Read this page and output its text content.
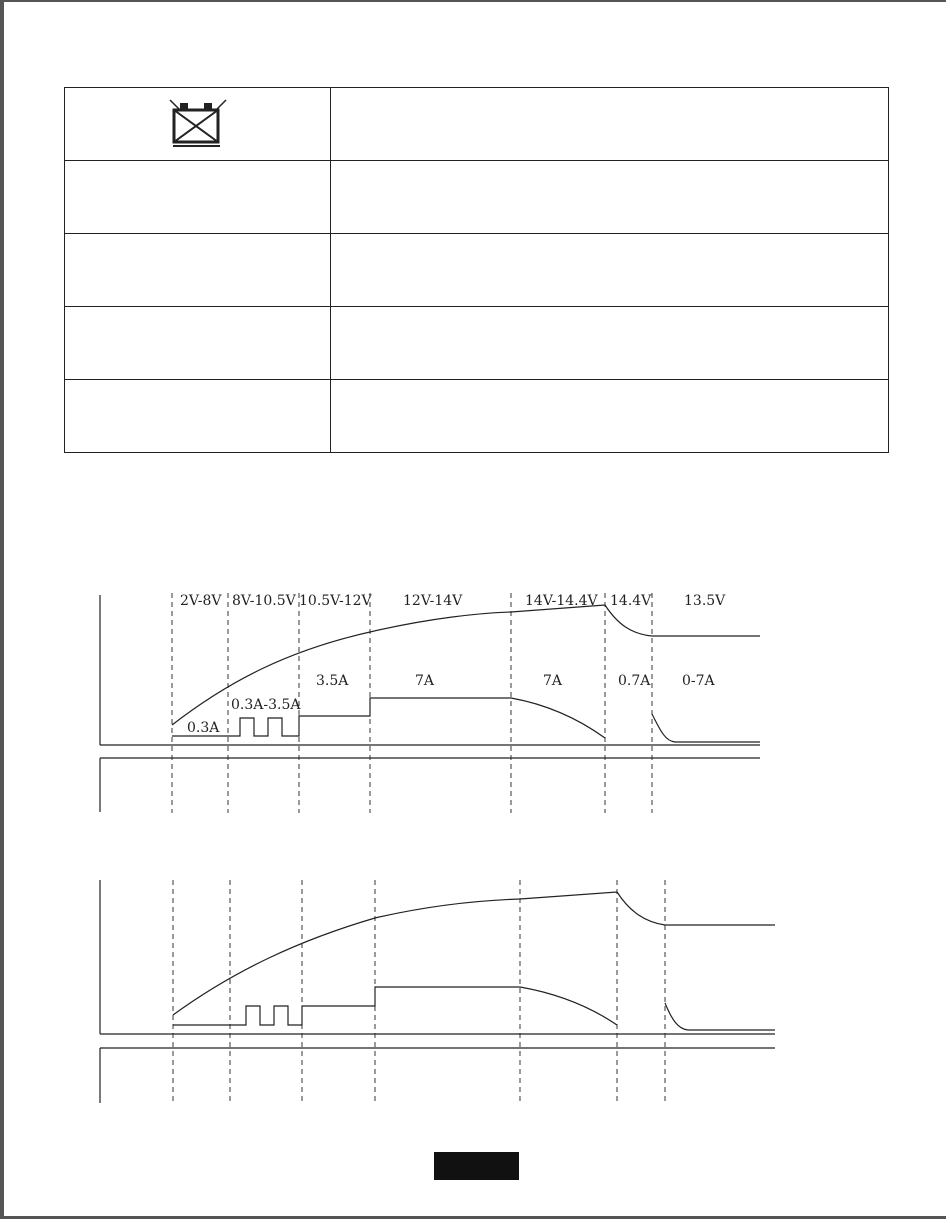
2V-8V 8V-10.5V 10.5V-12V 12V-14V	14V-14.4V 14.4V 13.5V
0.3A
0.3A-3.5A
3.5A	7A	7A	0.7A 0-7A
